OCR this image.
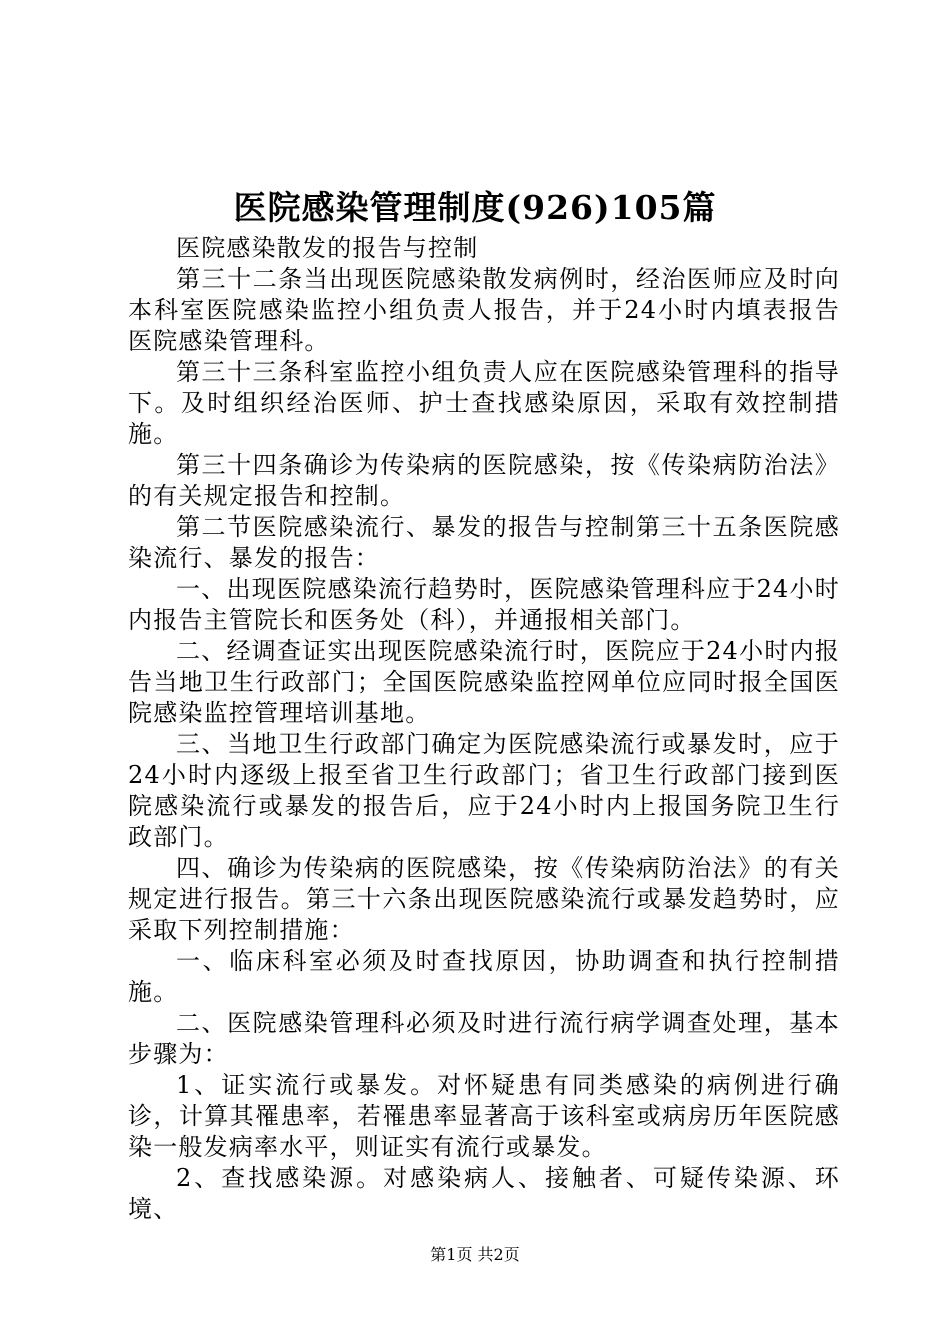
医院感染管理制度(926)105篇

医院感染散发的报告与控制

第三十二条当出现医院感染散发病例时，经治医师应及时向本科室医院感染监控小组负责人报告，并于24小时内填表报告医院感染管理科。

第三十三条科室监控小组负责人应在医院感染管理科的指导下。及时组织经治医师、护士查找感染原因，采取有效控制措施。

第三十四条确诊为传染病的医院感染，按《传染病防治法》的有关规定报告和控制。

第二节医院感染流行、暴发的报告与控制第三十五条医院感染流行、暴发的报告：

一、出现医院感染流行趋势时，医院感染管理科应于24小时内报告主管院长和医务处（科），并通报相关部门。

二、经调查证实出现医院感染流行时，医院应于24小时内报告当地卫生行政部门；全国医院感染监控网单位应同时报全国医院感染监控管理培训基地。

三、当地卫生行政部门确定为医院感染流行或暴发时，应于24小时内逐级上报至省卫生行政部门；省卫生行政部门接到医院感染流行或暴发的报告后，应于24小时内上报国务院卫生行政部门。

四、确诊为传染病的医院感染，按《传染病防治法》的有关规定进行报告。第三十六条出现医院感染流行或暴发趋势时，应采取下列控制措施：

一、临床科室必须及时查找原因，协助调查和执行控制措施。

二、医院感染管理科必须及时进行流行病学调查处理，基本步骤为：

1、证实流行或暴发。对怀疑患有同类感染的病例进行确诊，计算其罹患率，若罹患率显著高于该科室或病房历年医院感染一般发病率水平，则证实有流行或暴发。

2、查找感染源。对感染病人、接触者、可疑传染源、环境、

第1页 共2页
